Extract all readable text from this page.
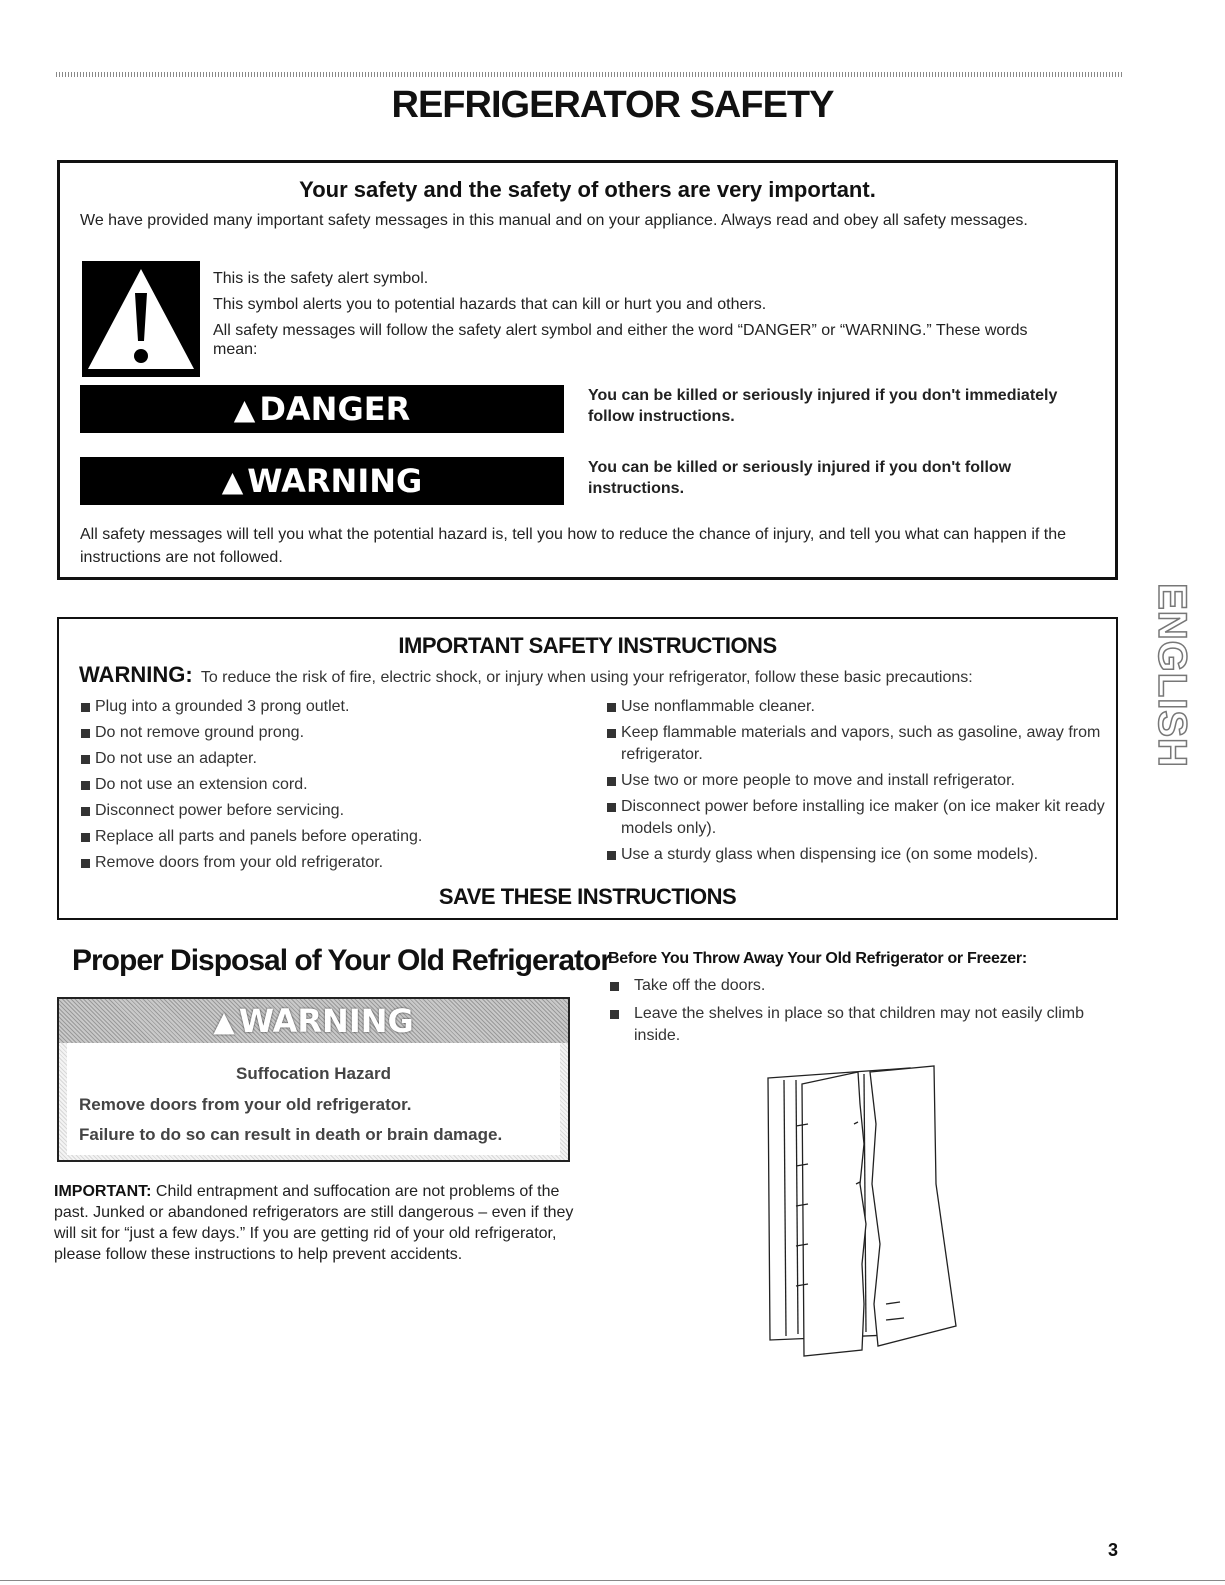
REFRIGERATOR SAFETY
Your safety and the safety of others are very important.

We have provided many important safety messages in this manual and on your appliance. Always read and obey all safety messages.

This is the safety alert symbol.

This symbol alerts you to potential hazards that can kill or hurt you and others.

All safety messages will follow the safety alert symbol and either the word “DANGER” or “WARNING.” These words mean:

▲ DANGER	You can be killed or seriously injured if you don't immediately follow instructions.

▲ WARNING	You can be killed or seriously injured if you don't follow instructions.

All safety messages will tell you what the potential hazard is, tell you how to reduce the chance of injury, and tell you what can happen if the instructions are not followed.

IMPORTANT SAFETY INSTRUCTIONS

WARNING: To reduce the risk of fire, electric shock, or injury when using your refrigerator, follow these basic precautions:

Plug into a grounded 3 prong outlet.
Do not remove ground prong.
Do not use an adapter.
Do not use an extension cord.
Disconnect power before servicing.
Replace all parts and panels before operating.
Remove doors from your old refrigerator.
Use nonflammable cleaner.
Keep flammable materials and vapors, such as gasoline, away from refrigerator.
Use two or more people to move and install refrigerator.
Disconnect power before installing ice maker (on ice maker kit ready models only).
Use a sturdy glass when dispensing ice (on some models).
SAVE THESE INSTRUCTIONS
ENGLISH
Proper Disposal of Your Old Refrigerator
▲ WARNING

Suffocation Hazard

Remove doors from your old refrigerator.

Failure to do so can result in death or brain damage.

IMPORTANT: Child entrapment and suffocation are not problems of the past. Junked or abandoned refrigerators are still dangerous – even if they will sit for “just a few days.” If you are getting rid of your old refrigerator, please follow these instructions to help prevent accidents.

Before You Throw Away Your Old Refrigerator or Freezer:
Take off the doors.
Leave the shelves in place so that children may not easily climb inside.

3
